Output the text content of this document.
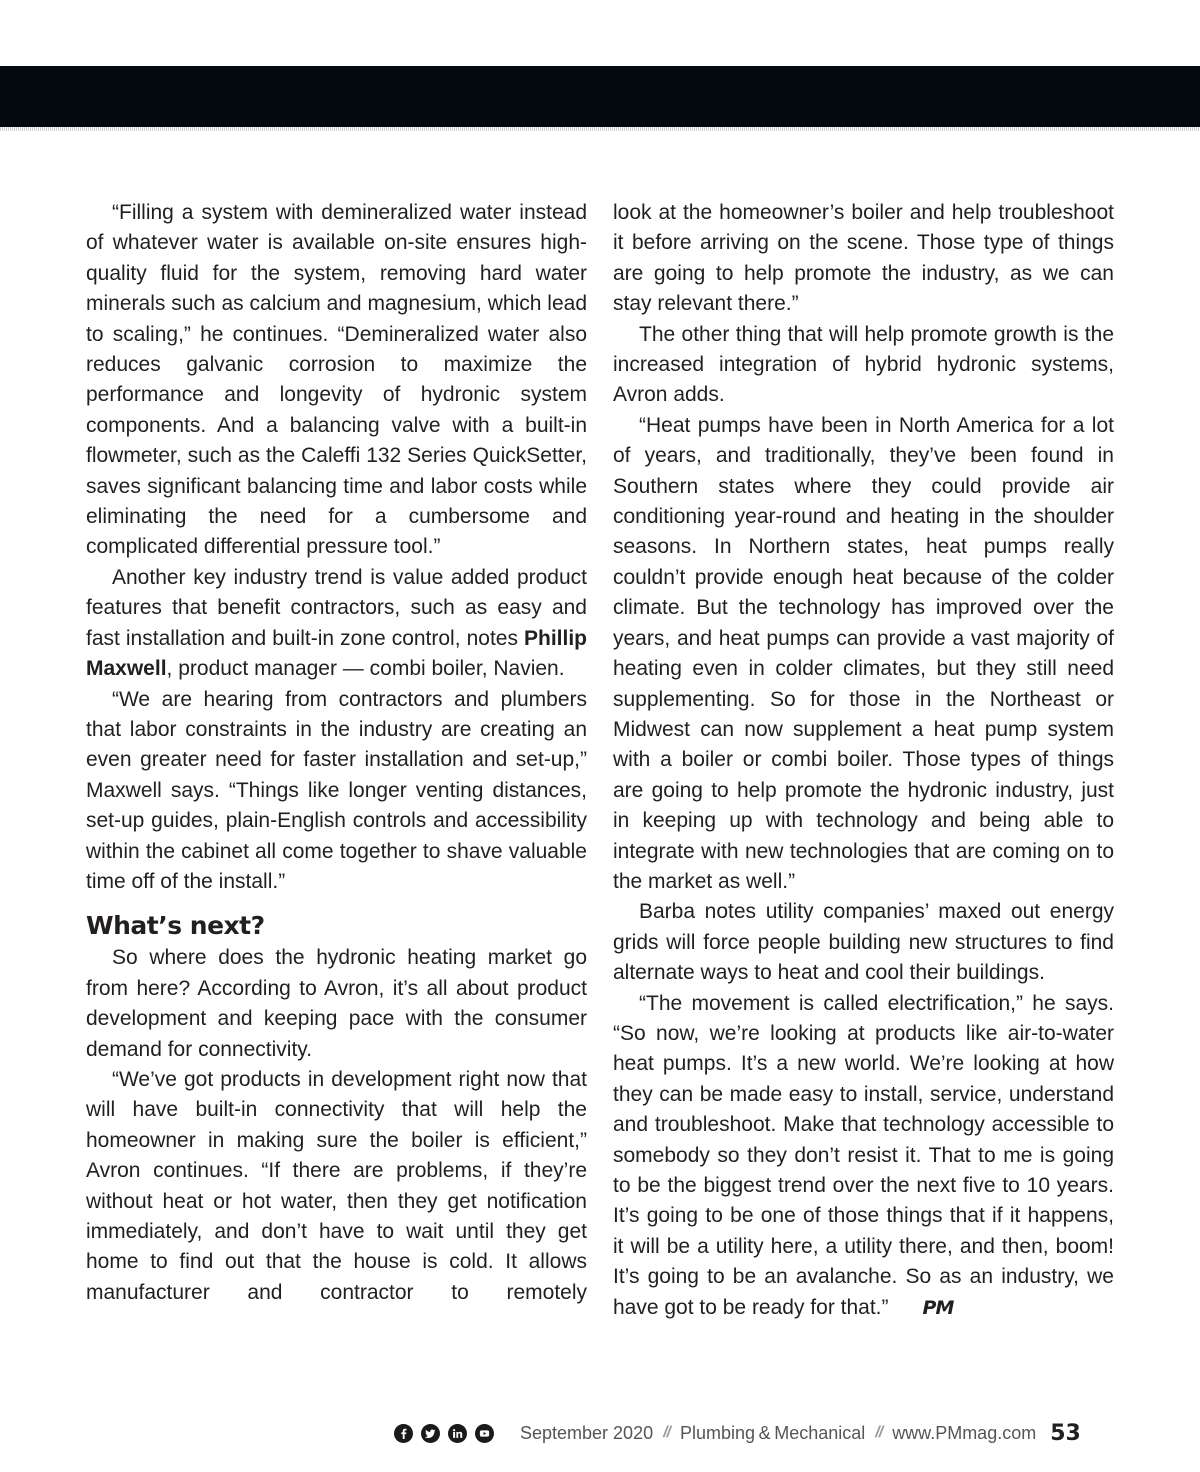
“Filling a system with demineralized water instead of whatever water is available on-site ensures high-quality fluid for the system, removing hard water minerals such as calcium and magnesium, which lead to scaling,” he continues. “Demineralized water also reduces galvanic corrosion to maximize the performance and longevity of hydronic system components. And a balancing valve with a built-in flowmeter, such as the Caleffi 132 Series QuickSetter, saves significant balancing time and labor costs while eliminating the need for a cumbersome and complicated differential pressure tool.”

Another key industry trend is value added product features that benefit contractors, such as easy and fast installation and built-in zone control, notes Phillip Maxwell, product manager — combi boiler, Navien.

“We are hearing from contractors and plumbers that labor constraints in the industry are creating an even greater need for faster installation and set-up,” Maxwell says. “Things like longer venting distances, set-up guides, plain-English controls and accessibility within the cabinet all come together to shave valuable time off of the install.”

What’s next?

So where does the hydronic heating market go from here? According to Avron, it’s all about product development and keeping pace with the consumer demand for connectivity.

“We’ve got products in development right now that will have built-in connectivity that will help the homeowner in making sure the boiler is efficient,” Avron continues. “If there are problems, if they’re without heat or hot water, then they get notification immediately, and don’t have to wait until they get home to find out that the house is cold. It allows manufacturer and contractor to remotely

look at the homeowner’s boiler and help troubleshoot it before arriving on the scene. Those type of things are going to help promote the industry, as we can stay relevant there.”

The other thing that will help promote growth is the increased integration of hybrid hydronic systems, Avron adds.

“Heat pumps have been in North America for a lot of years, and traditionally, they’ve been found in Southern states where they could provide air conditioning year-round and heating in the shoulder seasons. In Northern states, heat pumps really couldn’t provide enough heat because of the colder climate. But the technology has improved over the years, and heat pumps can provide a vast majority of heating even in colder climates, but they still need supplementing. So for those in the Northeast or Midwest can now supplement a heat pump system with a boiler or combi boiler. Those types of things are going to help promote the hydronic industry, just in keeping up with technology and being able to integrate with new technologies that are coming on to the market as well.”

Barba notes utility companies’ maxed out energy grids will force people building new structures to find alternate ways to heat and cool their buildings.

“The movement is called electrification,” he says. “So now, we’re looking at products like air-to-water heat pumps. It’s a new world. We’re looking at how they can be made easy to install, service, understand and troubleshoot. Make that technology accessible to somebody so they don’t resist it. That to me is going to be the biggest trend over the next five to 10 years. It’s going to be one of those things that if it happens, it will be a utility here, a utility there, and then, boom! It’s going to be an avalanche. So as an industry, we have got to be ready for that.” PM

September 2020 // Plumbing & Mechanical // www.PMmag.com 53
